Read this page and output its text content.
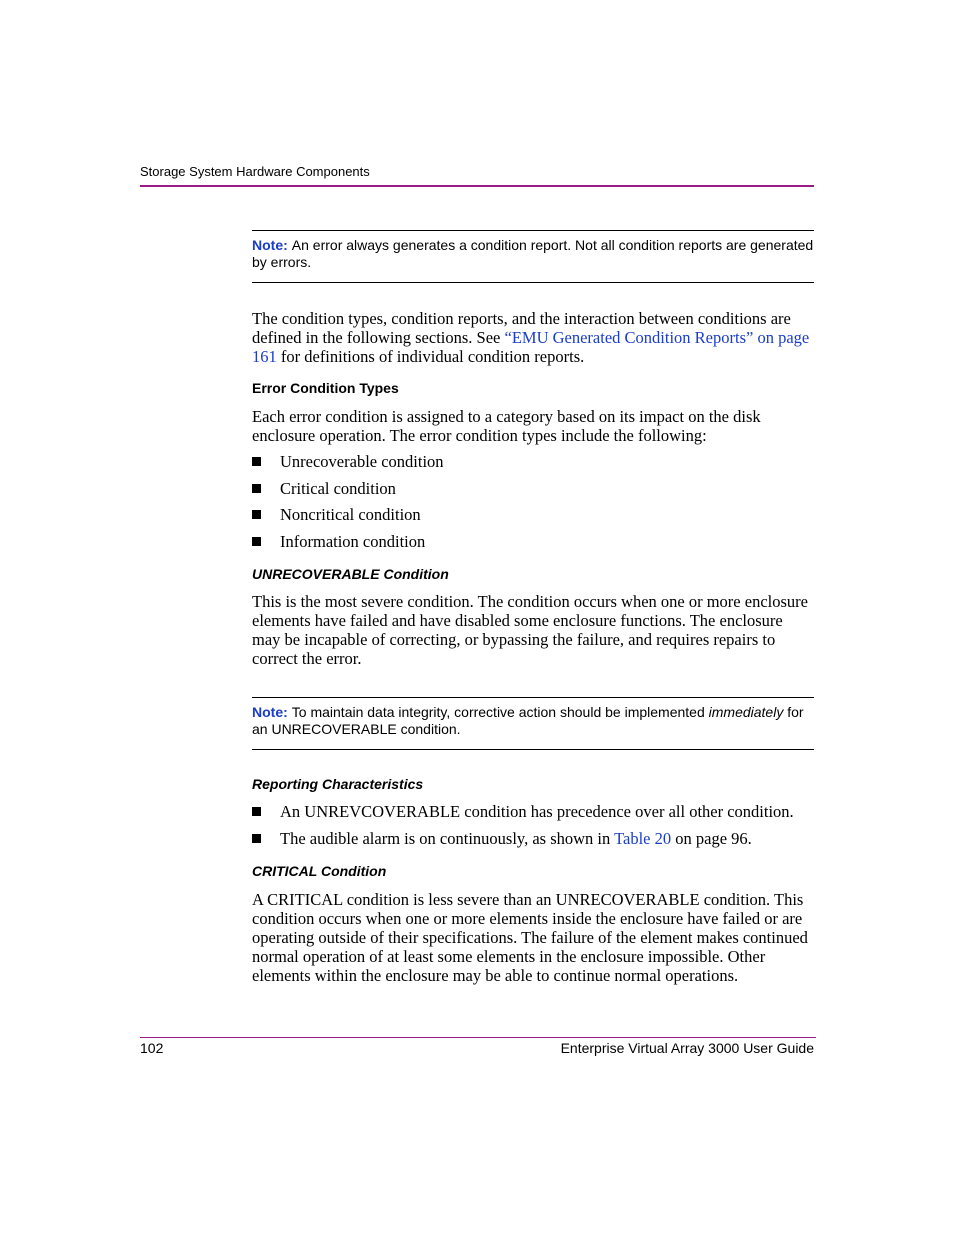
Storage System Hardware Components
Note: An error always generates a condition report. Not all condition reports are generated by errors.
The condition types, condition reports, and the interaction between conditions are defined in the following sections. See “EMU Generated Condition Reports” on page 161 for definitions of individual condition reports.
Error Condition Types
Each error condition is assigned to a category based on its impact on the disk enclosure operation. The error condition types include the following:
Unrecoverable condition
Critical condition
Noncritical condition
Information condition
UNRECOVERABLE Condition
This is the most severe condition. The condition occurs when one or more enclosure elements have failed and have disabled some enclosure functions. The enclosure may be incapable of correcting, or bypassing the failure, and requires repairs to correct the error.
Note: To maintain data integrity, corrective action should be implemented immediately for an UNRECOVERABLE condition.
Reporting Characteristics
An UNREVCOVERABLE condition has precedence over all other condition.
The audible alarm is on continuously, as shown in Table 20 on page 96.
CRITICAL Condition
A CRITICAL condition is less severe than an UNRECOVERABLE condition. This condition occurs when one or more elements inside the enclosure have failed or are operating outside of their specifications. The failure of the element makes continued normal operation of at least some elements in the enclosure impossible. Other elements within the enclosure may be able to continue normal operations.
102	Enterprise Virtual Array 3000 User Guide
